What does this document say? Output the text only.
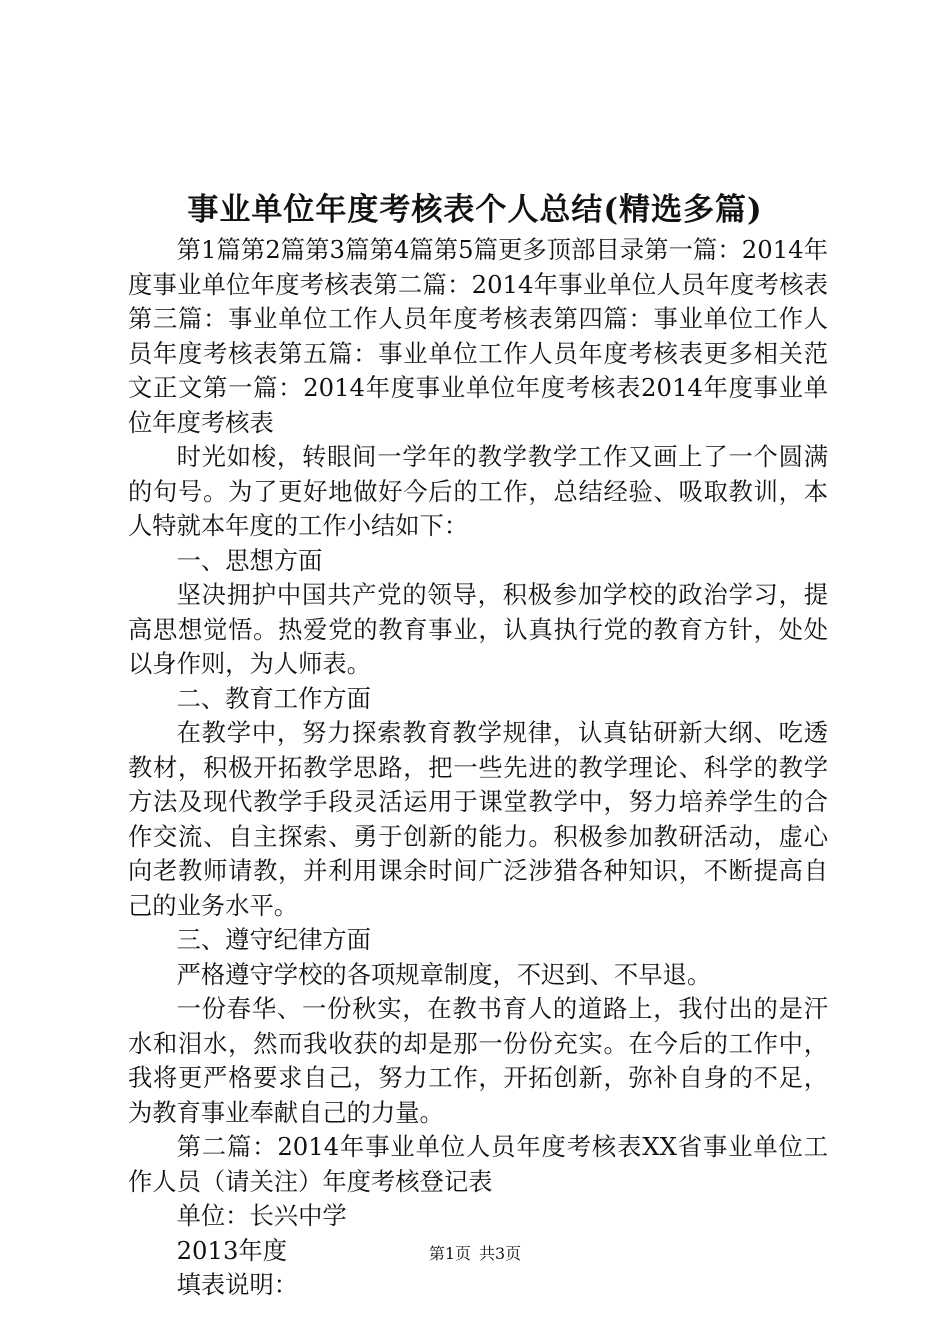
事业单位年度考核表个人总结(精选多篇)

第1篇第2篇第3篇第4篇第5篇更多顶部目录第一篇：2014年度事业单位年度考核表第二篇：2014年事业单位人员年度考核表第三篇：事业单位工作人员年度考核表第四篇：事业单位工作人员年度考核表第五篇：事业单位工作人员年度考核表更多相关范文正文第一篇：2014年度事业单位年度考核表2014年度事业单位年度考核表

时光如梭，转眼间一学年的教学教学工作又画上了一个圆满的句号。为了更好地做好今后的工作，总结经验、吸取教训，本人特就本年度的工作小结如下：

一、思想方面

坚决拥护中国共产党的领导，积极参加学校的政治学习，提高思想觉悟。热爱党的教育事业，认真执行党的教育方针，处处以身作则，为人师表。

二、教育工作方面

在教学中，努力探索教育教学规律，认真钻研新大纲、吃透教材，积极开拓教学思路，把一些先进的教学理论、科学的教学方法及现代教学手段灵活运用于课堂教学中，努力培养学生的合作交流、自主探索、勇于创新的能力。积极参加教研活动，虚心向老教师请教，并利用课余时间广泛涉猎各种知识，不断提高自己的业务水平。

三、遵守纪律方面

严格遵守学校的各项规章制度，不迟到、不早退。

一份春华、一份秋实，在教书育人的道路上，我付出的是汗水和泪水，然而我收获的却是那一份份充实。在今后的工作中，我将更严格要求自己，努力工作，开拓创新，弥补自身的不足，为教育事业奉献自己的力量。

第二篇：2014年事业单位人员年度考核表XX省事业单位工作人员（请关注）年度考核登记表

单位：长兴中学

2013年度

填表说明：

第1页 共3页
